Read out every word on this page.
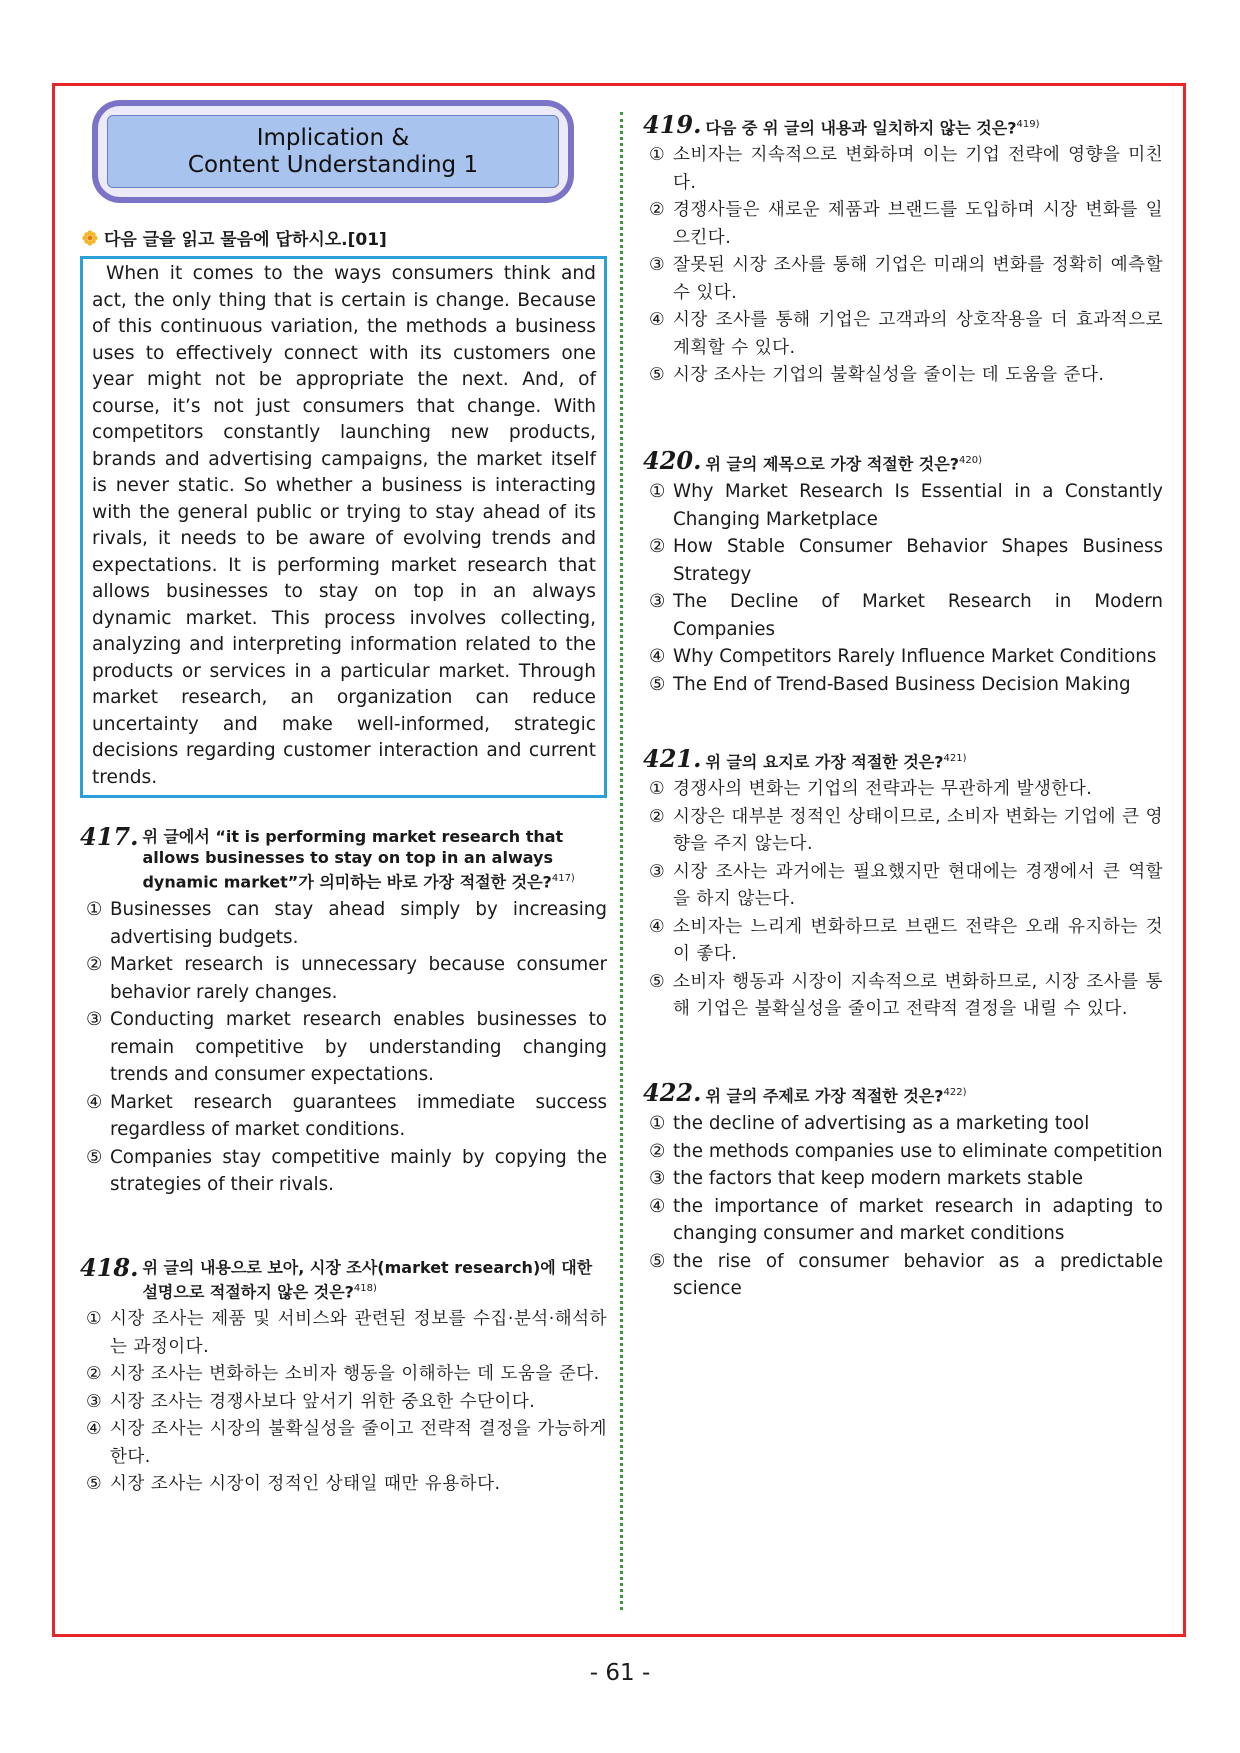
Implication &
Content Understanding 1
다음 글을 읽고 물음에 답하시오.[01]

When it comes to the ways consumers think and act, the only thing that is certain is change. Because of this continuous variation, the methods a business uses to effectively connect with its customers one year might not be appropriate the next. And, of course, it’s not just consumers that change. With competitors constantly launching new products, brands and advertising campaigns, the market itself is never static. So whether a business is interacting with the general public or trying to stay ahead of its rivals, it needs to be aware of evolving trends and expectations. It is performing market research that allows businesses to stay on top in an always dynamic market. This process involves collecting, analyzing and interpreting information related to the products or services in a particular market. Through market research, an organization can reduce uncertainty and make well-informed, strategic decisions regarding customer interaction and current trends.

417. 위 글에서 “it is performing market research that allows businesses to stay on top in an always dynamic market”가 의미하는 바로 가장 적절한 것은?$^{417)}$
① Businesses can stay ahead simply by increasing advertising budgets.
② Market research is unnecessary because consumer behavior rarely changes.
③ Conducting market research enables businesses to remain competitive by understanding changing trends and consumer expectations.
④ Market research guarantees immediate success regardless of market conditions.
⑤ Companies stay competitive mainly by copying the strategies of their rivals.
418. 위 글의 내용으로 보아, 시장 조사(market research)에 대한 설명으로 적절하지 않은 것은?$^{418)}$
① 시장 조사는 제품 및 서비스와 관련된 정보를 수집·분석·해석하는 과정이다.
② 시장 조사는 변화하는 소비자 행동을 이해하는 데 도움을 준다.
③ 시장 조사는 경쟁사보다 앞서기 위한 중요한 수단이다.
④ 시장 조사는 시장의 불확실성을 줄이고 전략적 결정을 가능하게 한다.
⑤ 시장 조사는 시장이 정적인 상태일 때만 유용하다.
419. 다음 중 위 글의 내용과 일치하지 않는 것은?$^{419)}$
① 소비자는 지속적으로 변화하며 이는 기업 전략에 영향을 미친다.
② 경쟁사들은 새로운 제품과 브랜드를 도입하며 시장 변화를 일으킨다.
③ 잘못된 시장 조사를 통해 기업은 미래의 변화를 정확히 예측할 수 있다.
④ 시장 조사를 통해 기업은 고객과의 상호작용을 더 효과적으로 계획할 수 있다.
⑤ 시장 조사는 기업의 불확실성을 줄이는 데 도움을 준다.
420. 위 글의 제목으로 가장 적절한 것은?$^{420)}$
① Why Market Research Is Essential in a Constantly Changing Marketplace
② How Stable Consumer Behavior Shapes Business Strategy
③ The Decline of Market Research in Modern Companies
④ Why Competitors Rarely Influence Market Conditions
⑤ The End of Trend-Based Business Decision Making
421. 위 글의 요지로 가장 적절한 것은?$^{421)}$
① 경쟁사의 변화는 기업의 전략과는 무관하게 발생한다.
② 시장은 대부분 정적인 상태이므로, 소비자 변화는 기업에 큰 영향을 주지 않는다.
③ 시장 조사는 과거에는 필요했지만 현대에는 경쟁에서 큰 역할을 하지 않는다.
④ 소비자는 느리게 변화하므로 브랜드 전략은 오래 유지하는 것이 좋다.
⑤ 소비자 행동과 시장이 지속적으로 변화하므로, 시장 조사를 통해 기업은 불확실성을 줄이고 전략적 결정을 내릴 수 있다.
422. 위 글의 주제로 가장 적절한 것은?$^{422)}$
① the decline of advertising as a marketing tool
② the methods companies use to eliminate competition
③ the factors that keep modern markets stable
④ the importance of market research in adapting to changing consumer and market conditions
⑤ the rise of consumer behavior as a predictable science
- 61 -
